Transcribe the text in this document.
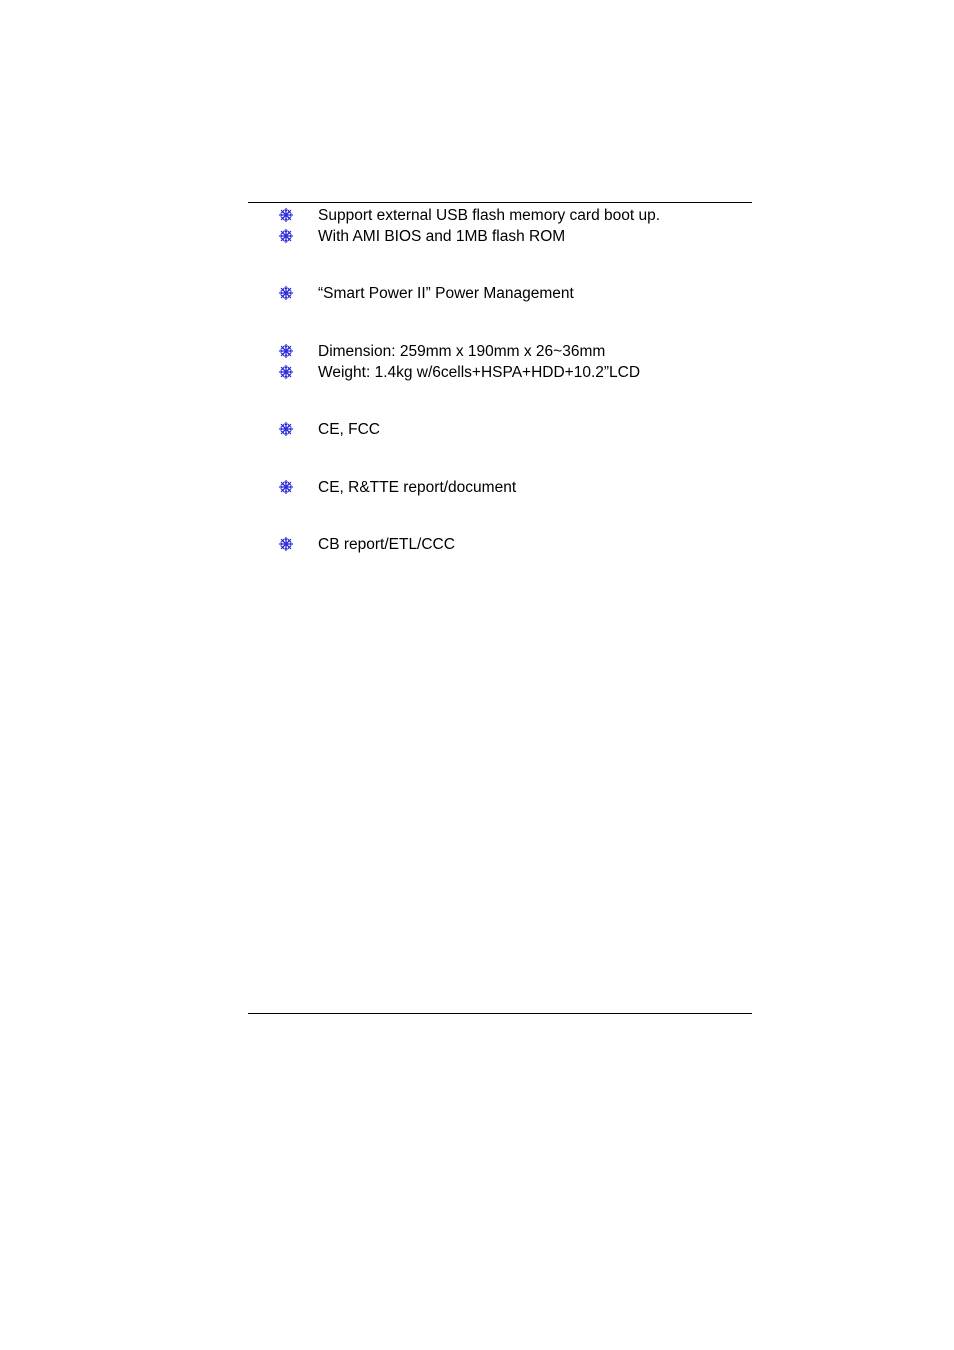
Support external USB flash memory card boot up.
With AMI BIOS and 1MB flash ROM
“Smart Power II” Power Management
Dimension: 259mm x 190mm x 26~36mm
Weight: 1.4kg w/6cells+HSPA+HDD+10.2”LCD
CE, FCC
CE, R&TTE report/document
CB report/ETL/CCC
